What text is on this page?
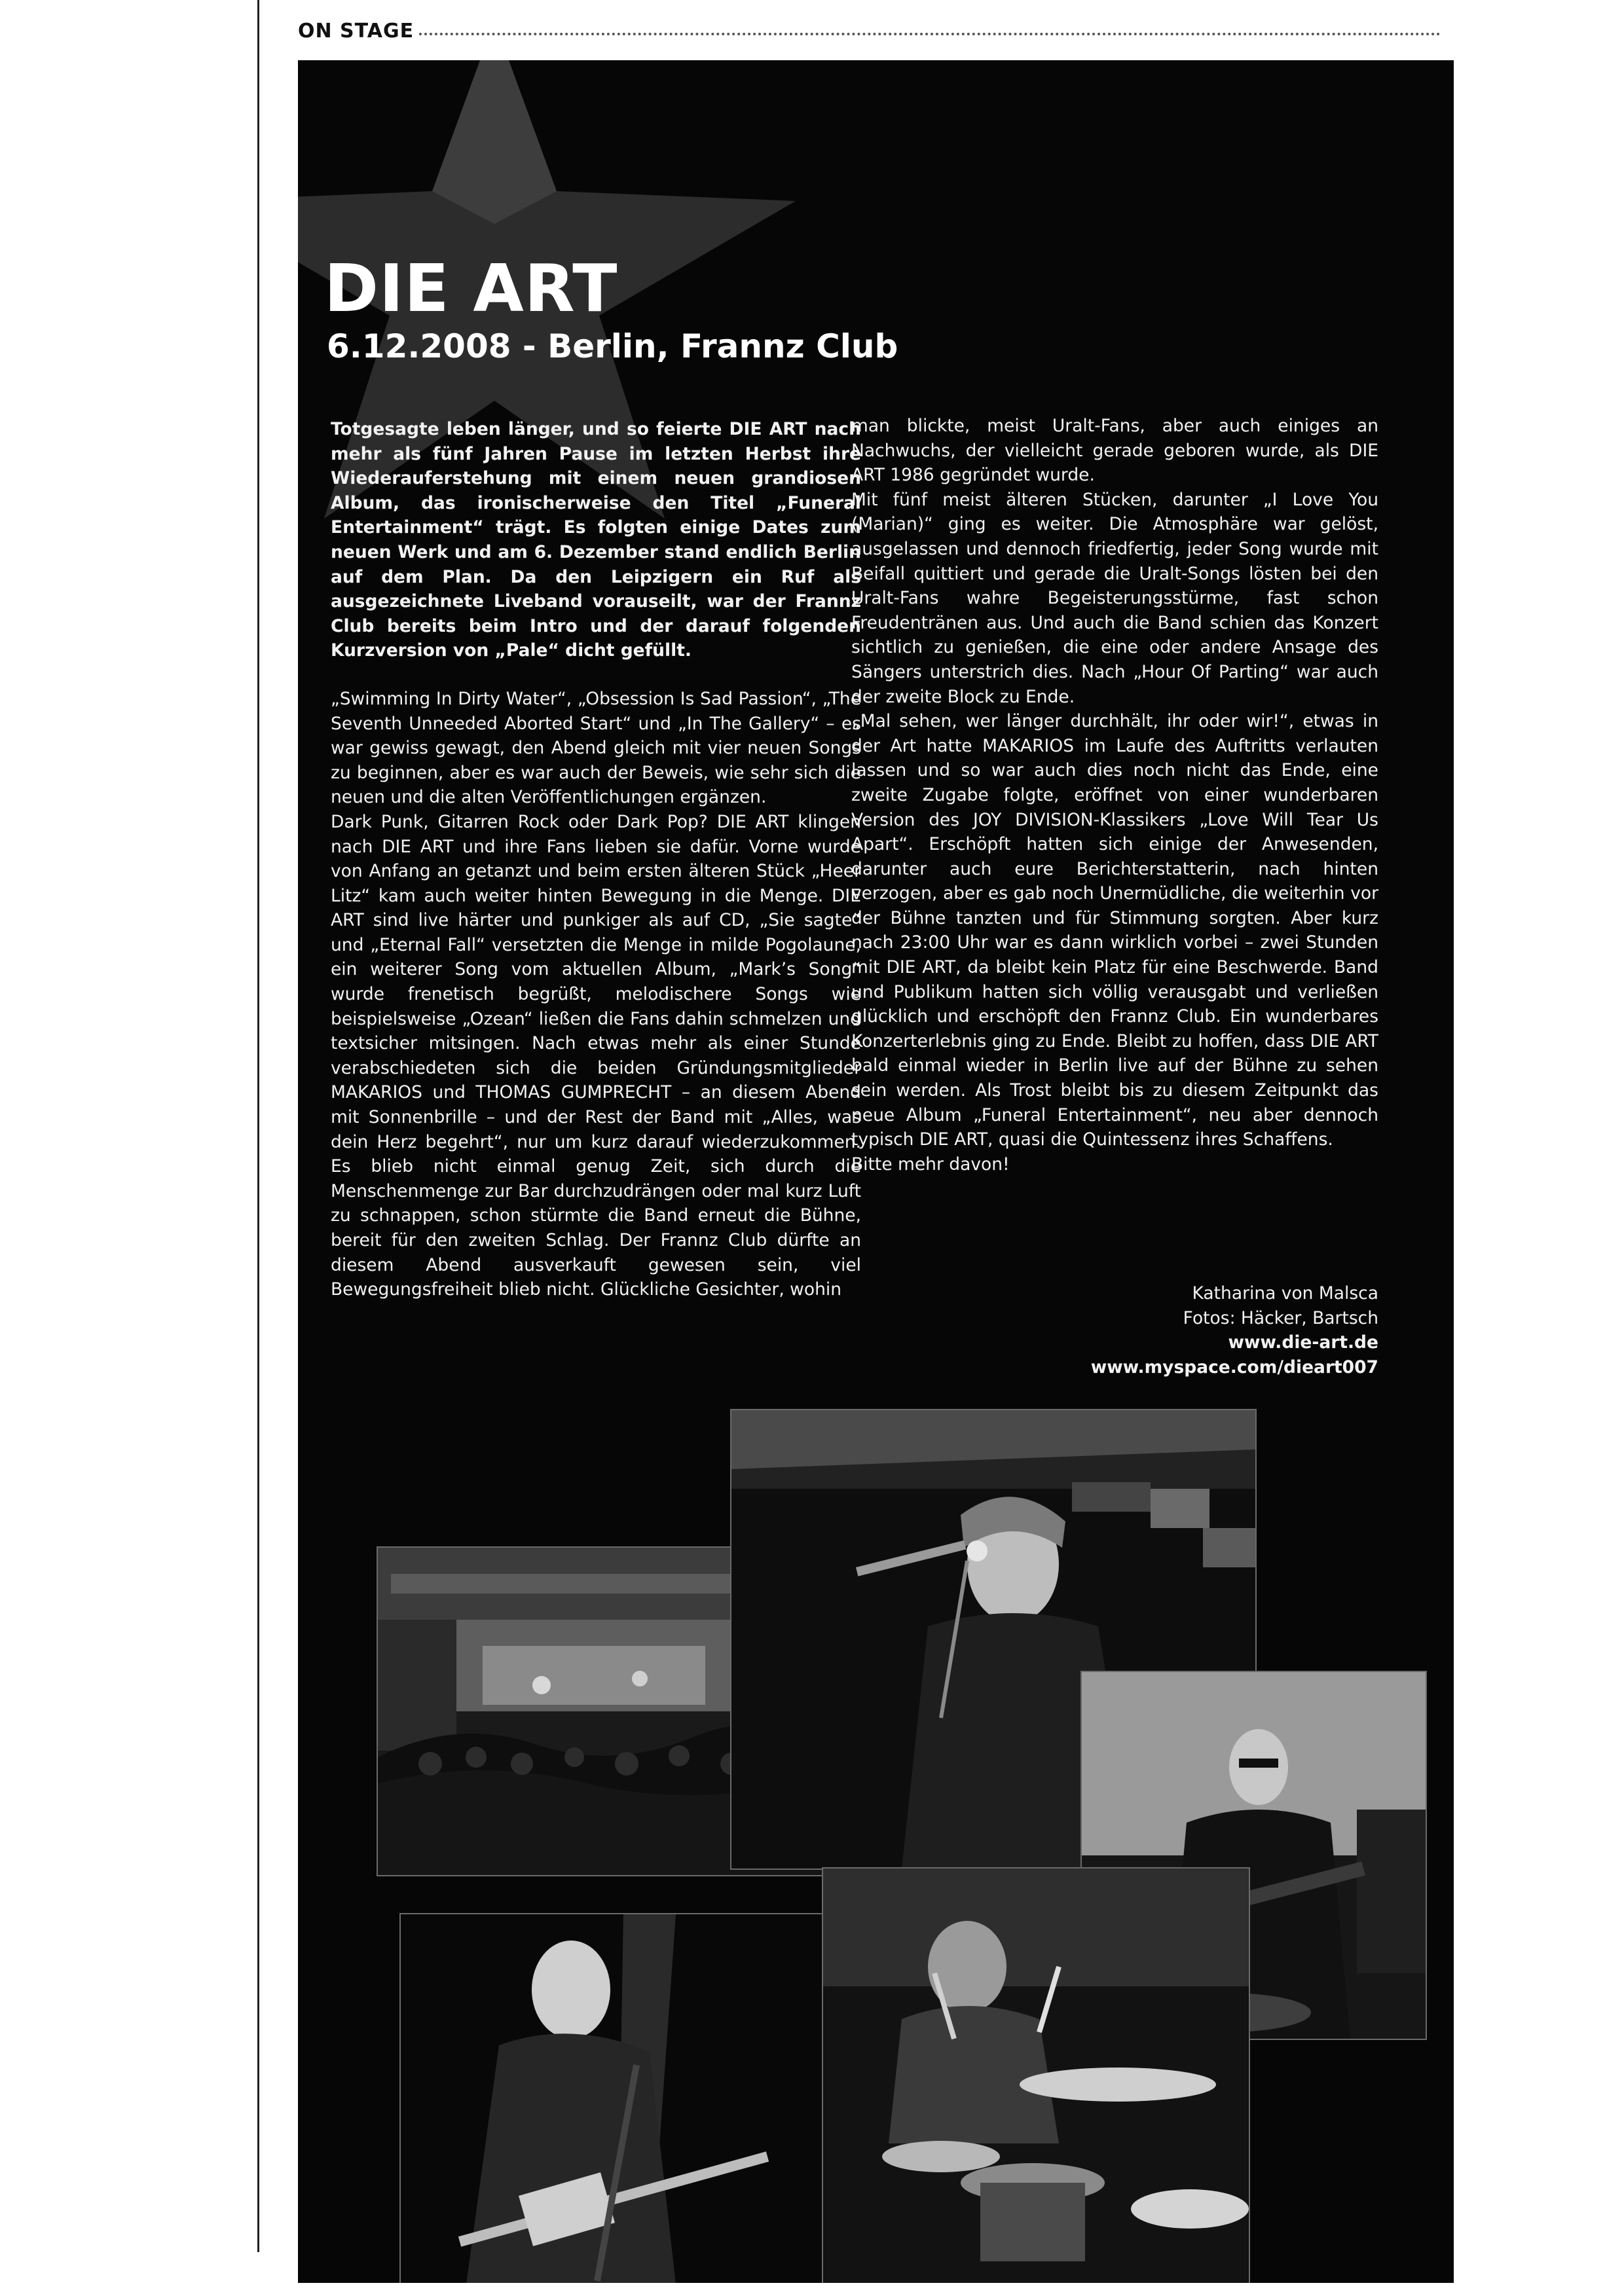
ON STAGE
DIE ART
6.12.2008 - Berlin, Frannz Club

Totgesagte leben länger, und so feierte DIE ART nach mehr als fünf Jahren Pause im letzten Herbst ihre Wiederauferstehung mit einem neuen grandiosen Album, das ironischerweise den Titel „Funeral Entertainment“ trägt. Es folgten einige Dates zum neuen Werk und am 6. Dezember stand endlich Berlin auf dem Plan. Da den Leipzigern ein Ruf als ausgezeichnete Liveband vorauseilt, war der Frannz Club bereits beim Intro und der darauf folgenden Kurzversion von „Pale“ dicht gefüllt.

„Swimming In Dirty Water“, „Obsession Is Sad Passion“, „The Seventh Unneeded Aborted Start“ und „In The Gallery“ – es war gewiss gewagt, den Abend gleich mit vier neuen Songs zu beginnen, aber es war auch der Beweis, wie sehr sich die neuen und die alten Veröffentlichungen ergänzen.

Dark Punk, Gitarren Rock oder Dark Pop? DIE ART klingen nach DIE ART und ihre Fans lieben sie dafür. Vorne wurde von Anfang an getanzt und beim ersten älteren Stück „Heer Litz“ kam auch weiter hinten Bewegung in die Menge. DIE ART sind live härter und punkiger als auf CD, „Sie sagte“ und „Eternal Fall“ versetzten die Menge in milde Pogolaune, ein weiterer Song vom aktuellen Album, „Mark’s Song“ wurde frenetisch begrüßt, melodischere Songs wie beispielsweise „Ozean“ ließen die Fans dahin schmelzen und textsicher mitsingen. Nach etwas mehr als einer Stunde verabschiedeten sich die beiden Gründungsmitglieder MAKARIOS und THOMAS GUMPRECHT – an diesem Abend mit Sonnenbrille – und der Rest der Band mit „Alles, was dein Herz begehrt“, nur um kurz darauf wiederzukommen. Es blieb nicht einmal genug Zeit, sich durch die Menschenmenge zur Bar durchzudrängen oder mal kurz Luft zu schnappen, schon stürmte die Band erneut die Bühne, bereit für den zweiten Schlag. Der Frannz Club dürfte an diesem Abend ausverkauft gewesen sein, viel Bewegungsfreiheit blieb nicht. Glückliche Gesichter, wohin

man blickte, meist Uralt-Fans, aber auch einiges an Nachwuchs, der vielleicht gerade geboren wurde, als DIE ART 1986 gegründet wurde.

Mit fünf meist älteren Stücken, darunter „I Love You (Marian)“ ging es weiter. Die Atmosphäre war gelöst, ausgelassen und dennoch friedfertig, jeder Song wurde mit Beifall quittiert und gerade die Uralt-Songs lösten bei den Uralt-Fans wahre Begeisterungsstürme, fast schon Freudentränen aus. Und auch die Band schien das Konzert sichtlich zu genießen, die eine oder andere Ansage des Sängers unterstrich dies. Nach „Hour Of Parting“ war auch der zweite Block zu Ende.

„Mal sehen, wer länger durchhält, ihr oder wir!“, etwas in der Art hatte MAKARIOS im Laufe des Auftritts verlauten lassen und so war auch dies noch nicht das Ende, eine zweite Zugabe folgte, eröffnet von einer wunderbaren Version des JOY DIVISION-Klassikers „Love Will Tear Us Apart“. Erschöpft hatten sich einige der Anwesenden, darunter auch eure Berichterstatterin, nach hinten verzogen, aber es gab noch Unermüdliche, die weiterhin vor der Bühne tanzten und für Stimmung sorgten. Aber kurz nach 23:00 Uhr war es dann wirklich vorbei – zwei Stunden mit DIE ART, da bleibt kein Platz für eine Beschwerde. Band und Publikum hatten sich völlig verausgabt und verließen glücklich und erschöpft den Frannz Club. Ein wunderbares Konzerterlebnis ging zu Ende. Bleibt zu hoffen, dass DIE ART bald einmal wieder in Berlin live auf der Bühne zu sehen sein werden. Als Trost bleibt bis zu diesem Zeitpunkt das neue Album „Funeral Entertainment“, neu aber dennoch typisch DIE ART, quasi die Quintessenz ihres Schaffens.

Bitte mehr davon!

Katharina von Malsca
Fotos: Häcker, Bartsch
www.die-art.de
www.myspace.com/dieart007
